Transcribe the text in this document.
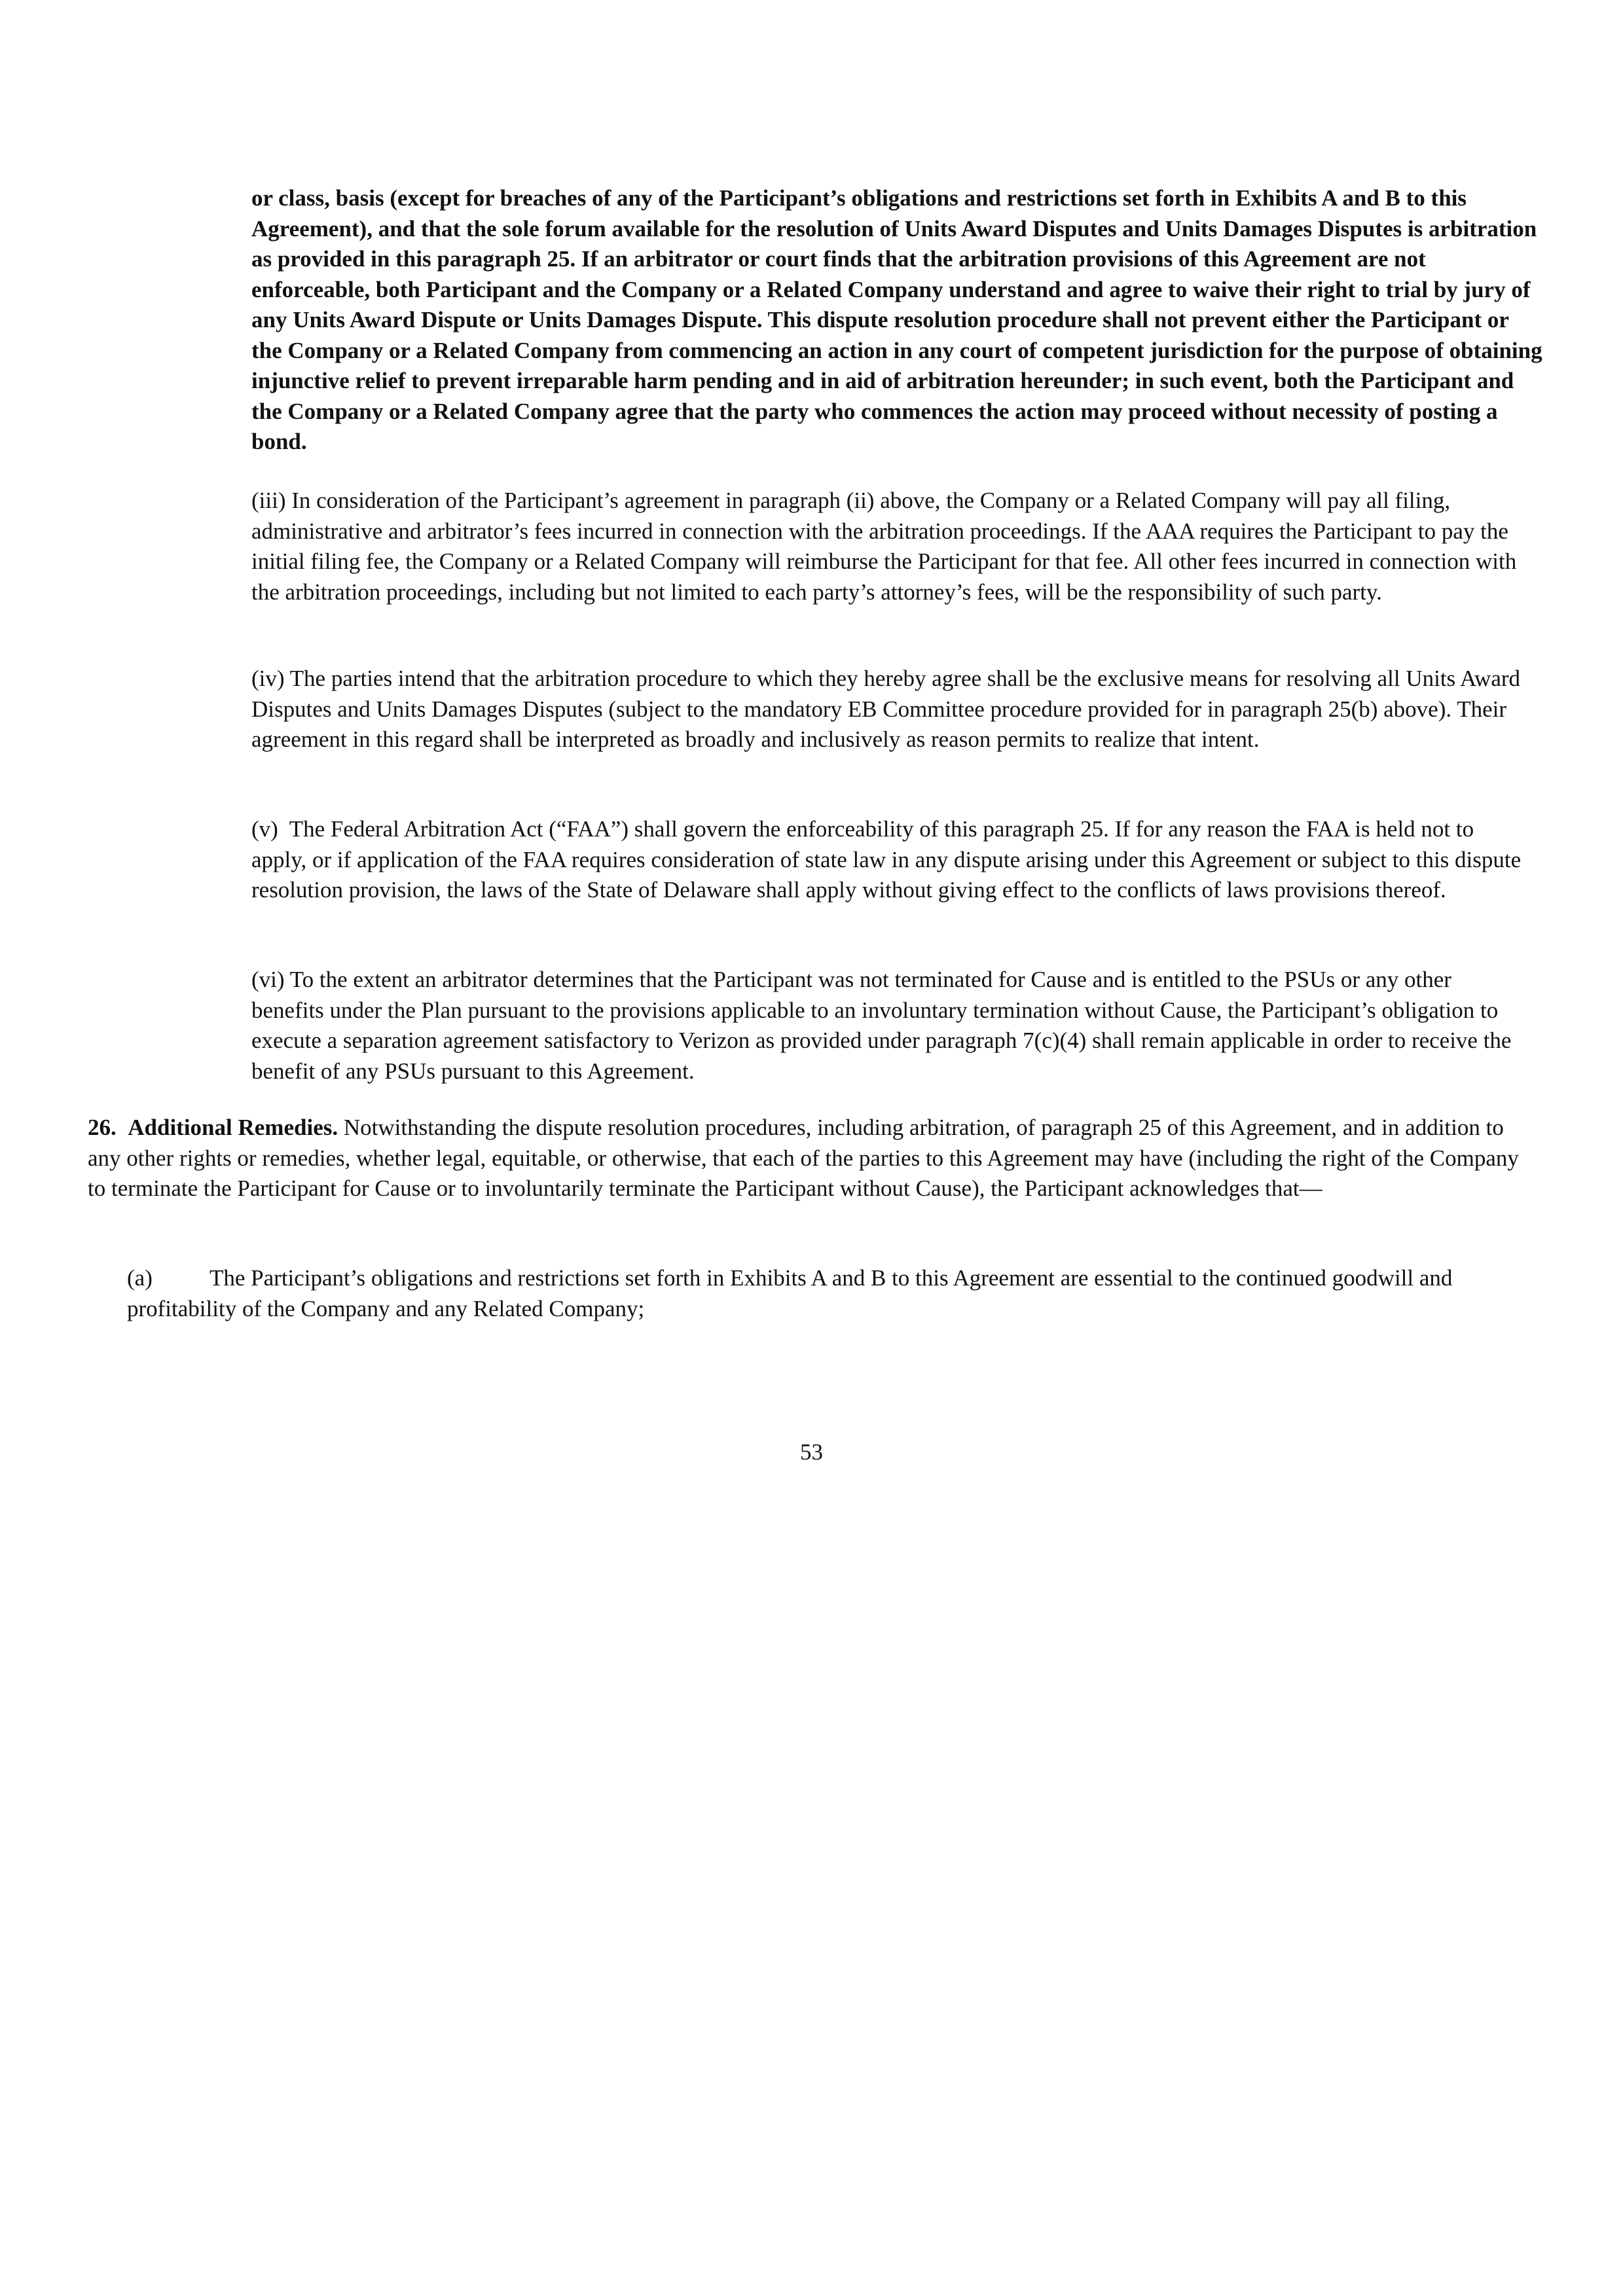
or class, basis (except for breaches of any of the Participant’s obligations and restrictions set forth in Exhibits A and B to this Agreement), and that the sole forum available for the resolution of Units Award Disputes and Units Damages Disputes is arbitration as provided in this paragraph 25. If an arbitrator or court finds that the arbitration provisions of this Agreement are not enforceable, both Participant and the Company or a Related Company understand and agree to waive their right to trial by jury of any Units Award Dispute or Units Damages Dispute. This dispute resolution procedure shall not prevent either the Participant or the Company or a Related Company from commencing an action in any court of competent jurisdiction for the purpose of obtaining injunctive relief to prevent irreparable harm pending and in aid of arbitration hereunder; in such event, both the Participant and the Company or a Related Company agree that the party who commences the action may proceed without necessity of posting a bond.

(iii) In consideration of the Participant’s agreement in paragraph (ii) above, the Company or a Related Company will pay all filing, administrative and arbitrator’s fees incurred in connection with the arbitration proceedings. If the AAA requires the Participant to pay the initial filing fee, the Company or a Related Company will reimburse the Participant for that fee. All other fees incurred in connection with the arbitration proceedings, including but not limited to each party’s attorney’s fees, will be the responsibility of such party.

(iv) The parties intend that the arbitration procedure to which they hereby agree shall be the exclusive means for resolving all Units Award Disputes and Units Damages Disputes (subject to the mandatory EB Committee procedure provided for in paragraph 25(b) above). Their agreement in this regard shall be interpreted as broadly and inclusively as reason permits to realize that intent.

(v) The Federal Arbitration Act (“FAA”) shall govern the enforceability of this paragraph 25. If for any reason the FAA is held not to apply, or if application of the FAA requires consideration of state law in any dispute arising under this Agreement or subject to this dispute resolution provision, the laws of the State of Delaware shall apply without giving effect to the conflicts of laws provisions thereof.

(vi) To the extent an arbitrator determines that the Participant was not terminated for Cause and is entitled to the PSUs or any other benefits under the Plan pursuant to the provisions applicable to an involuntary termination without Cause, the Participant’s obligation to execute a separation agreement satisfactory to Verizon as provided under paragraph 7(c)(4) shall remain applicable in order to receive the benefit of any PSUs pursuant to this Agreement.

26. Additional Remedies. Notwithstanding the dispute resolution procedures, including arbitration, of paragraph 25 of this Agreement, and in addition to any other rights or remedies, whether legal, equitable, or otherwise, that each of the parties to this Agreement may have (including the right of the Company to terminate the Participant for Cause or to involuntarily terminate the Participant without Cause), the Participant acknowledges that—

(a) The Participant’s obligations and restrictions set forth in Exhibits A and B to this Agreement are essential to the continued goodwill and profitability of the Company and any Related Company;

53
